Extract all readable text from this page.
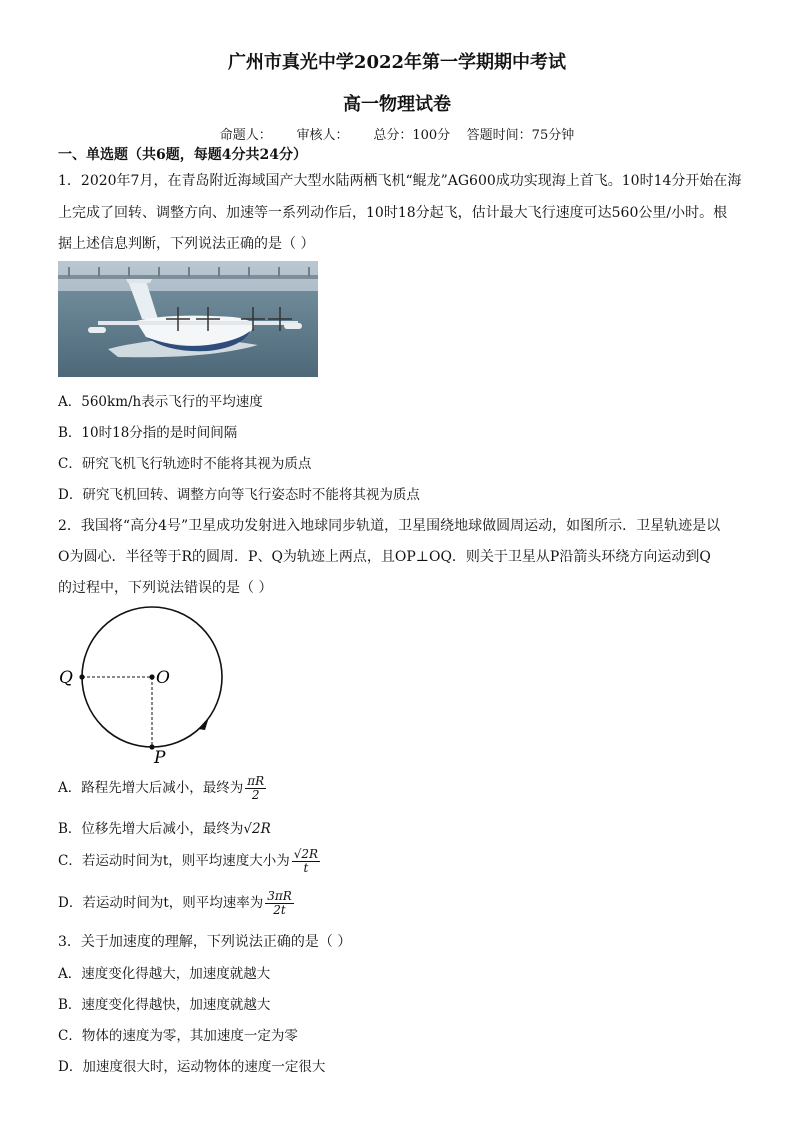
广州市真光中学2022年第一学期期中考试
高一物理试卷
命题人：      审核人：      总分：100分    答题时间：75分钟
一、单选题（共6题，每题4分共24分）
1．2020年7月，在青岛附近海域国产大型水陆两栖飞机“鲲龙”AG600成功实现海上首飞。10时14分开始在海
上完成了回转、调整方向、加速等一系列动作后，10时18分起飞，估计最大飞行速度可达560公里/小时。根
据上述信息判断，下列说法正确的是（ ）
A．560km/h表示飞行的平均速度
B．10时18分指的是时间间隔
C．研究飞机飞行轨迹时不能将其视为质点
D．研究飞机回转、调整方向等飞行姿态时不能将其视为质点
2．我国将“高分4号”卫星成功发射进入地球同步轨道，卫星围绕地球做圆周运动，如图所示．卫星轨迹是以
O为圆心．半径等于R的圆周．P、Q为轨迹上两点，且OP⊥OQ．则关于卫星从P沿箭头环绕方向运动到Q
的过程中，下列说法错误的是（ ）
Q	O
P
A．路程先增大后减小，最终为 $\frac{\pi R}{2}$
B．位移先增大后减小，最终为√2R
C．若运动时间为t，则平均速度大小为 $\frac{√2R}{t}$
D．若运动时间为t，则平均速率为 $\frac{3\pi R}{2t}$
3．关于加速度的理解，下列说法正确的是（ ）
A．速度变化得越大，加速度就越大
B．速度变化得越快，加速度就越大
C．物体的速度为零，其加速度一定为零
D．加速度很大时，运动物体的速度一定很大
